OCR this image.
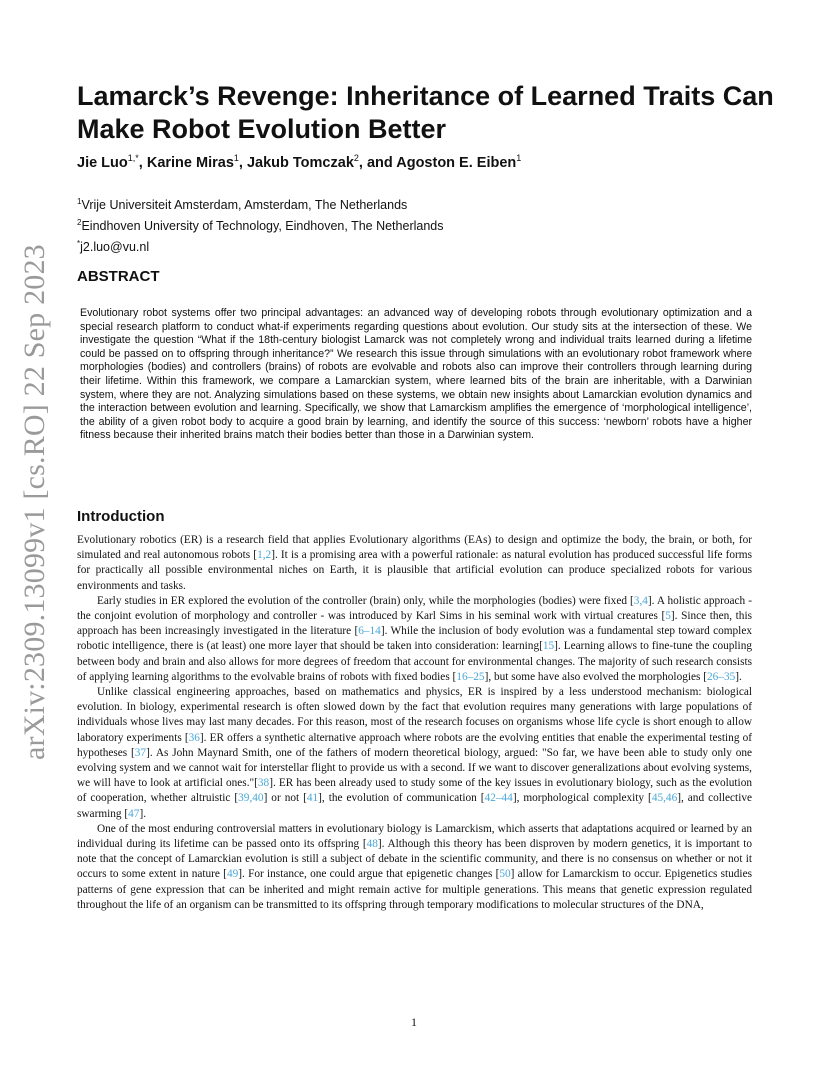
arXiv:2309.13099v1 [cs.RO] 22 Sep 2023
Lamarck’s Revenge: Inheritance of Learned Traits Can Make Robot Evolution Better
Jie Luo$^{1,*}$, Karine Miras$^1$, Jakub Tomczak$^2$, and Agoston E. Eiben$^1$
$^1$Vrije Universiteit Amsterdam, Amsterdam, The Netherlands
$^2$Eindhoven University of Technology, Eindhoven, The Netherlands
*j2.luo@vu.nl
ABSTRACT

Evolutionary robot systems offer two principal advantages: an advanced way of developing robots through evolutionary optimization and a special research platform to conduct what-if experiments regarding questions about evolution. Our study sits at the intersection of these. We investigate the question “What if the 18th-century biologist Lamarck was not completely wrong and individual traits learned during a lifetime could be passed on to offspring through inheritance?” We research this issue through simulations with an evolutionary robot framework where morphologies (bodies) and controllers (brains) of robots are evolvable and robots also can improve their controllers through learning during their lifetime. Within this framework, we compare a Lamarckian system, where learned bits of the brain are inheritable, with a Darwinian system, where they are not. Analyzing simulations based on these systems, we obtain new insights about Lamarckian evolution dynamics and the interaction between evolution and learning. Specifically, we show that Lamarckism amplifies the emergence of ‘morphological intelligence’, the ability of a given robot body to acquire a good brain by learning, and identify the source of this success: ‘newborn’ robots have a higher fitness because their inherited brains match their bodies better than those in a Darwinian system.

Introduction

Evolutionary robotics (ER) is a research field that applies Evolutionary algorithms (EAs) to design and optimize the body, the brain, or both, for simulated and real autonomous robots [1,2]. It is a promising area with a powerful rationale: as natural evolution has produced successful life forms for practically all possible environmental niches on Earth, it is plausible that artificial evolution can produce specialized robots for various environments and tasks.

Early studies in ER explored the evolution of the controller (brain) only, while the morphologies (bodies) were fixed [3,4]. A holistic approach - the conjoint evolution of morphology and controller - was introduced by Karl Sims in his seminal work with virtual creatures [5]. Since then, this approach has been increasingly investigated in the literature [6–14]. While the inclusion of body evolution was a fundamental step toward complex robotic intelligence, there is (at least) one more layer that should be taken into consideration: learning[15]. Learning allows to fine-tune the coupling between body and brain and also allows for more degrees of freedom that account for environmental changes. The majority of such research consists of applying learning algorithms to the evolvable brains of robots with fixed bodies [16–25], but some have also evolved the morphologies [26–35].

Unlike classical engineering approaches, based on mathematics and physics, ER is inspired by a less understood mechanism: biological evolution. In biology, experimental research is often slowed down by the fact that evolution requires many generations with large populations of individuals whose lives may last many decades. For this reason, most of the research focuses on organisms whose life cycle is short enough to allow laboratory experiments [36]. ER offers a synthetic alternative approach where robots are the evolving entities that enable the experimental testing of hypotheses [37]. As John Maynard Smith, one of the fathers of modern theoretical biology, argued: "So far, we have been able to study only one evolving system and we cannot wait for interstellar flight to provide us with a second. If we want to discover generalizations about evolving systems, we will have to look at artificial ones."[38]. ER has been already used to study some of the key issues in evolutionary biology, such as the evolution of cooperation, whether altruistic [39,40] or not [41], the evolution of communication [42–44], morphological complexity [45,46], and collective swarming [47].

One of the most enduring controversial matters in evolutionary biology is Lamarckism, which asserts that adaptations acquired or learned by an individual during its lifetime can be passed onto its offspring [48]. Although this theory has been disproven by modern genetics, it is important to note that the concept of Lamarckian evolution is still a subject of debate in the scientific community, and there is no consensus on whether or not it occurs to some extent in nature [49]. For instance, one could argue that epigenetic changes [50] allow for Lamarckism to occur. Epigenetics studies patterns of gene expression that can be inherited and might remain active for multiple generations. This means that genetic expression regulated throughout the life of an organism can be transmitted to its offspring through temporary modifications to molecular structures of the DNA,

1
